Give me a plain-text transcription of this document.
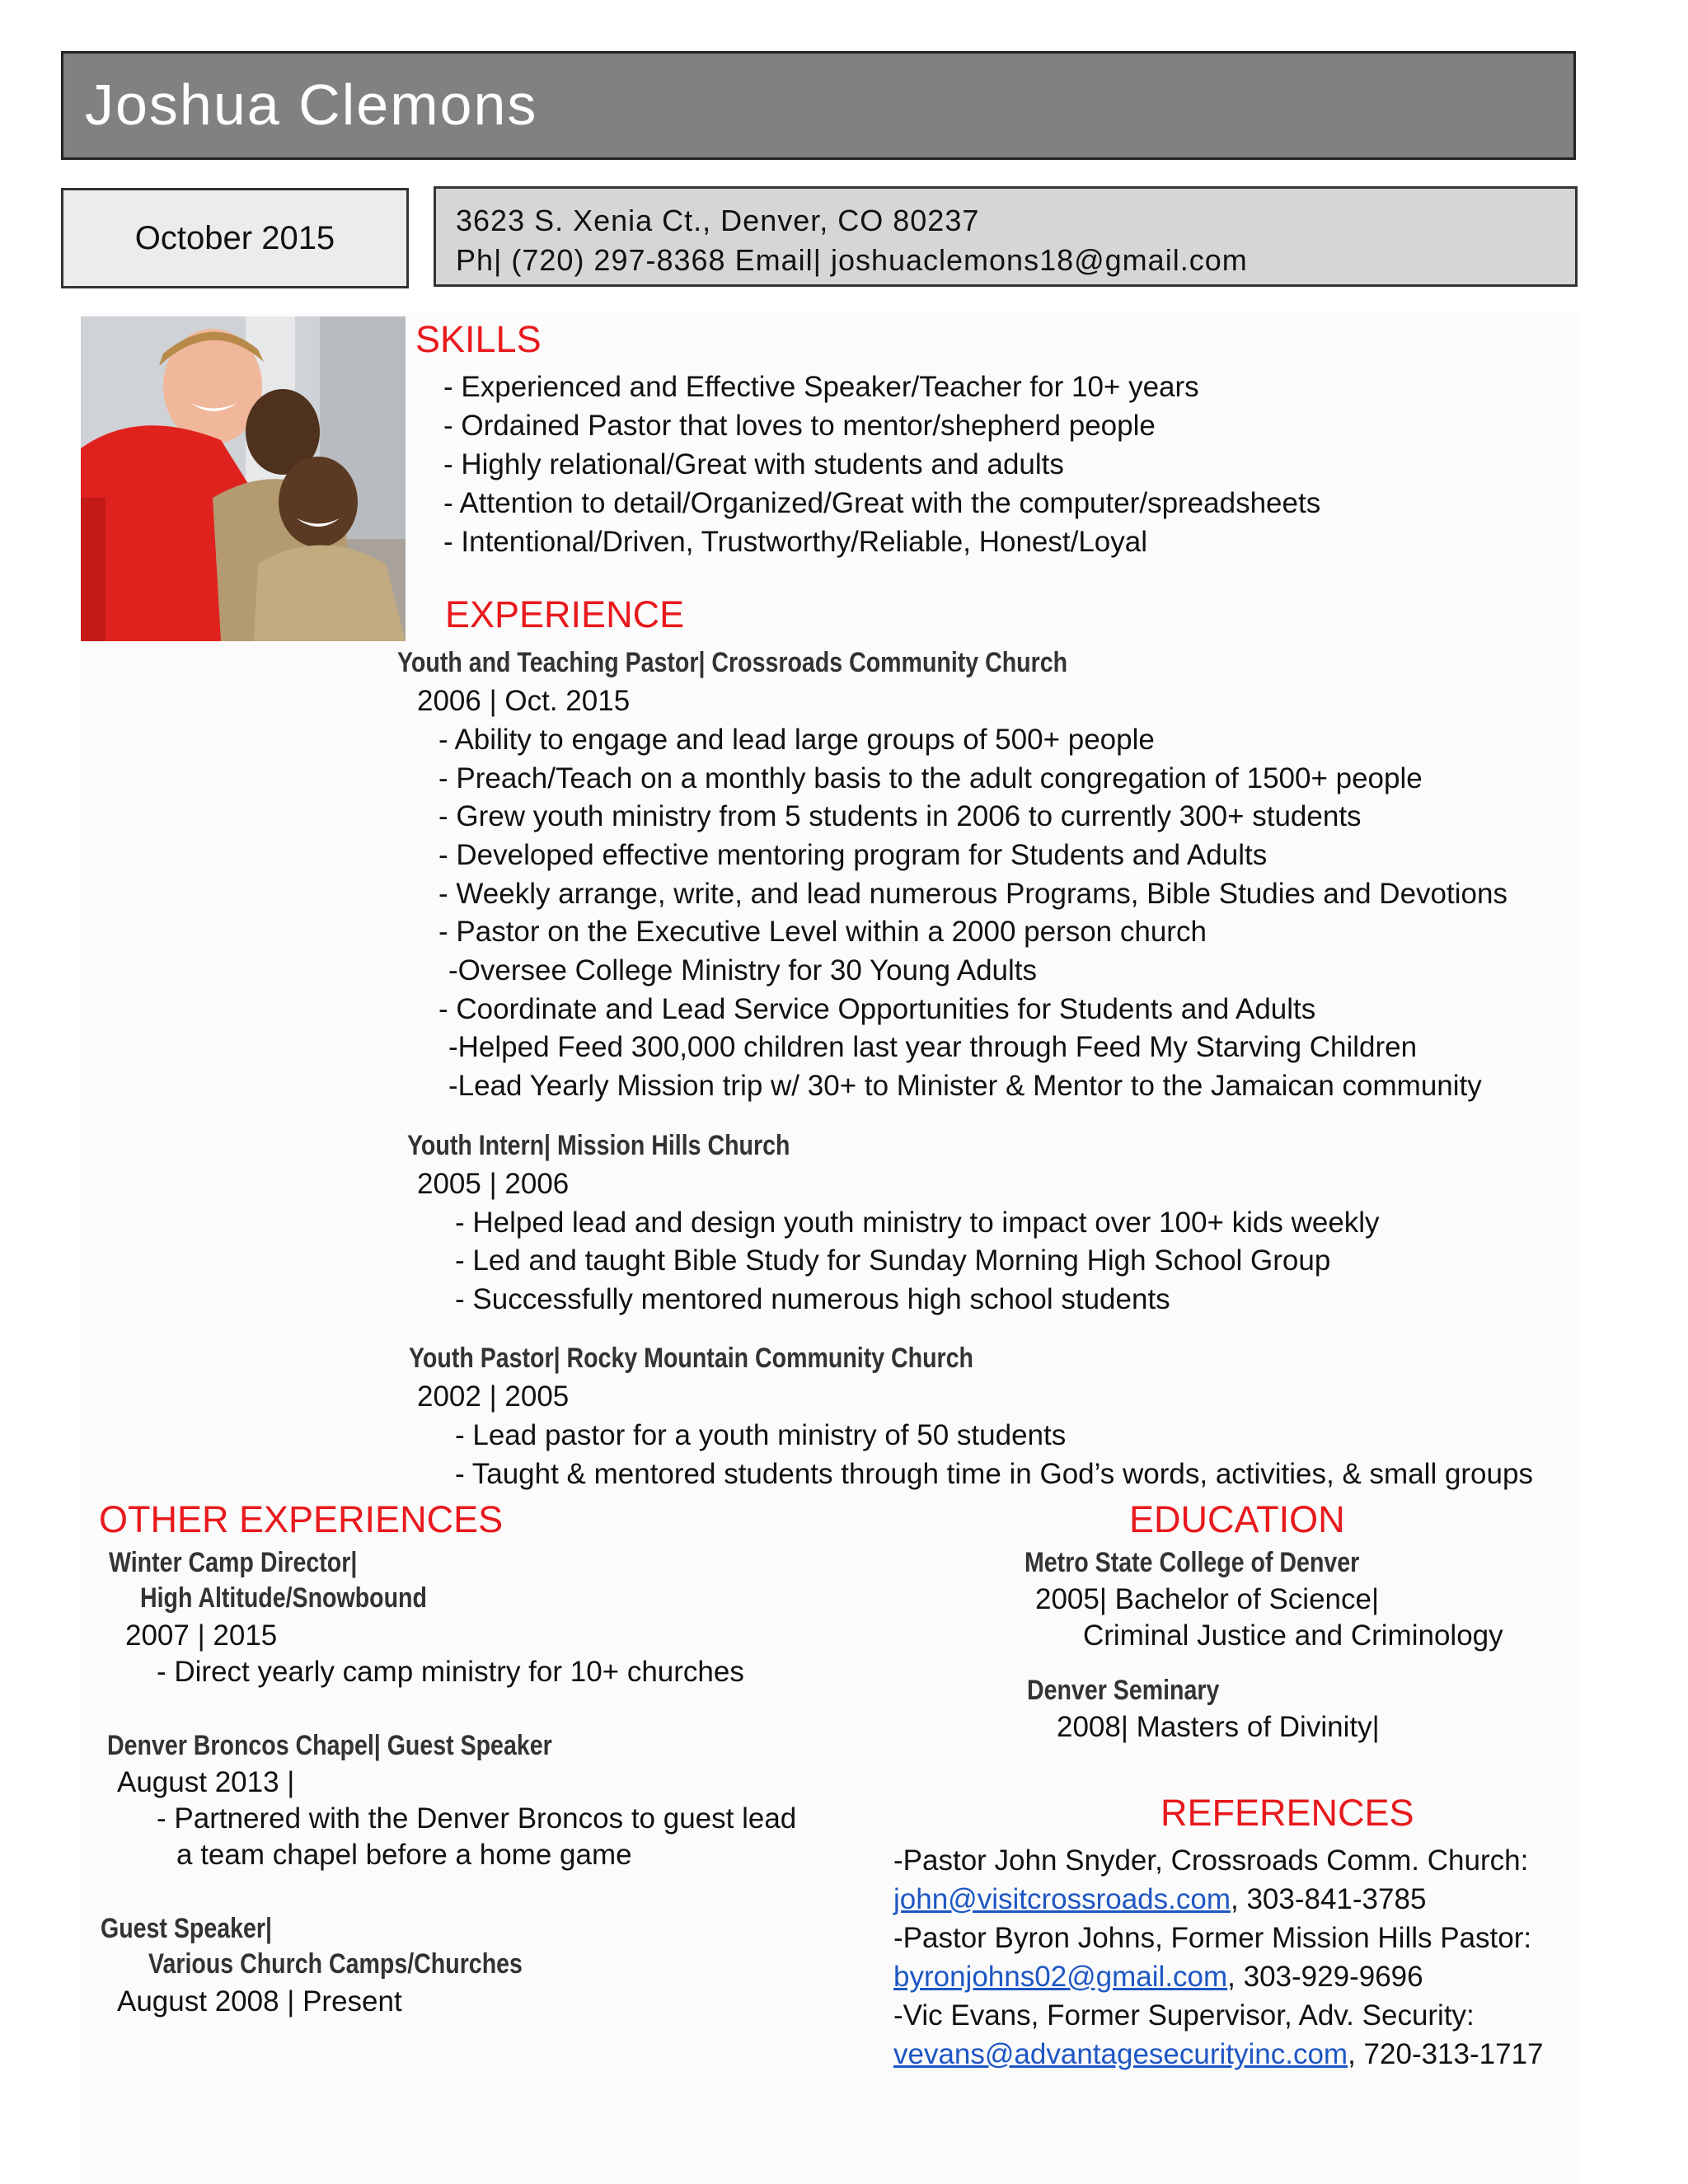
Joshua Clemons
October 2015	3623 S. Xenia Ct., Denver, CO 80237
Ph| (720) 297-8368 Email| joshuaclemons18@gmail.com
SKILLS
- Experienced and Effective Speaker/Teacher for 10+ years
- Ordained Pastor that loves to mentor/shepherd people
- Highly relational/Great with students and adults
- Attention to detail/Organized/Great with the computer/spreadsheets
- Intentional/Driven, Trustworthy/Reliable, Honest/Loyal
EXPERIENCE
Youth and Teaching Pastor| Crossroads Community Church
2006 | Oct. 2015
- Ability to engage and lead large groups of 500+ people
- Preach/Teach on a monthly basis to the adult congregation of 1500+ people
- Grew youth ministry from 5 students in 2006 to currently 300+ students
- Developed effective mentoring program for Students and Adults
- Weekly arrange, write, and lead numerous Programs, Bible Studies and Devotions
- Pastor on the Executive Level within a 2000 person church
-Oversee College Ministry for 30 Young Adults
- Coordinate and Lead Service Opportunities for Students and Adults
-Helped Feed 300,000 children last year through Feed My Starving Children
-Lead Yearly Mission trip w/ 30+ to Minister & Mentor to the Jamaican community
Youth Intern| Mission Hills Church
2005 | 2006
- Helped lead and design youth ministry to impact over 100+ kids weekly
- Led and taught Bible Study for Sunday Morning High School Group
- Successfully mentored numerous high school students
Youth Pastor| Rocky Mountain Community Church
2002 | 2005
- Lead pastor for a youth ministry of 50 students
- Taught & mentored students through time in God’s words, activities, & small groups
OTHER EXPERIENCES
Winter Camp Director|
High Altitude/Snowbound
2007 | 2015
- Direct yearly camp ministry for 10+ churches
Denver Broncos Chapel| Guest Speaker
August 2013 |
- Partnered with the Denver Broncos to guest lead
a team chapel before a home game
Guest Speaker|
Various Church Camps/Churches
August 2008 | Present
EDUCATION
Metro State College of Denver
2005| Bachelor of Science|
Criminal Justice and Criminology
Denver Seminary
2008| Masters of Divinity|
REFERENCES
-Pastor John Snyder, Crossroads Comm. Church:
john@visitcrossroads.com, 303-841-3785
-Pastor Byron Johns, Former Mission Hills Pastor:
byronjohns02@gmail.com, 303-929-9696
-Vic Evans, Former Supervisor, Adv. Security:
vevans@advantagesecurityinc.com, 720-313-1717
